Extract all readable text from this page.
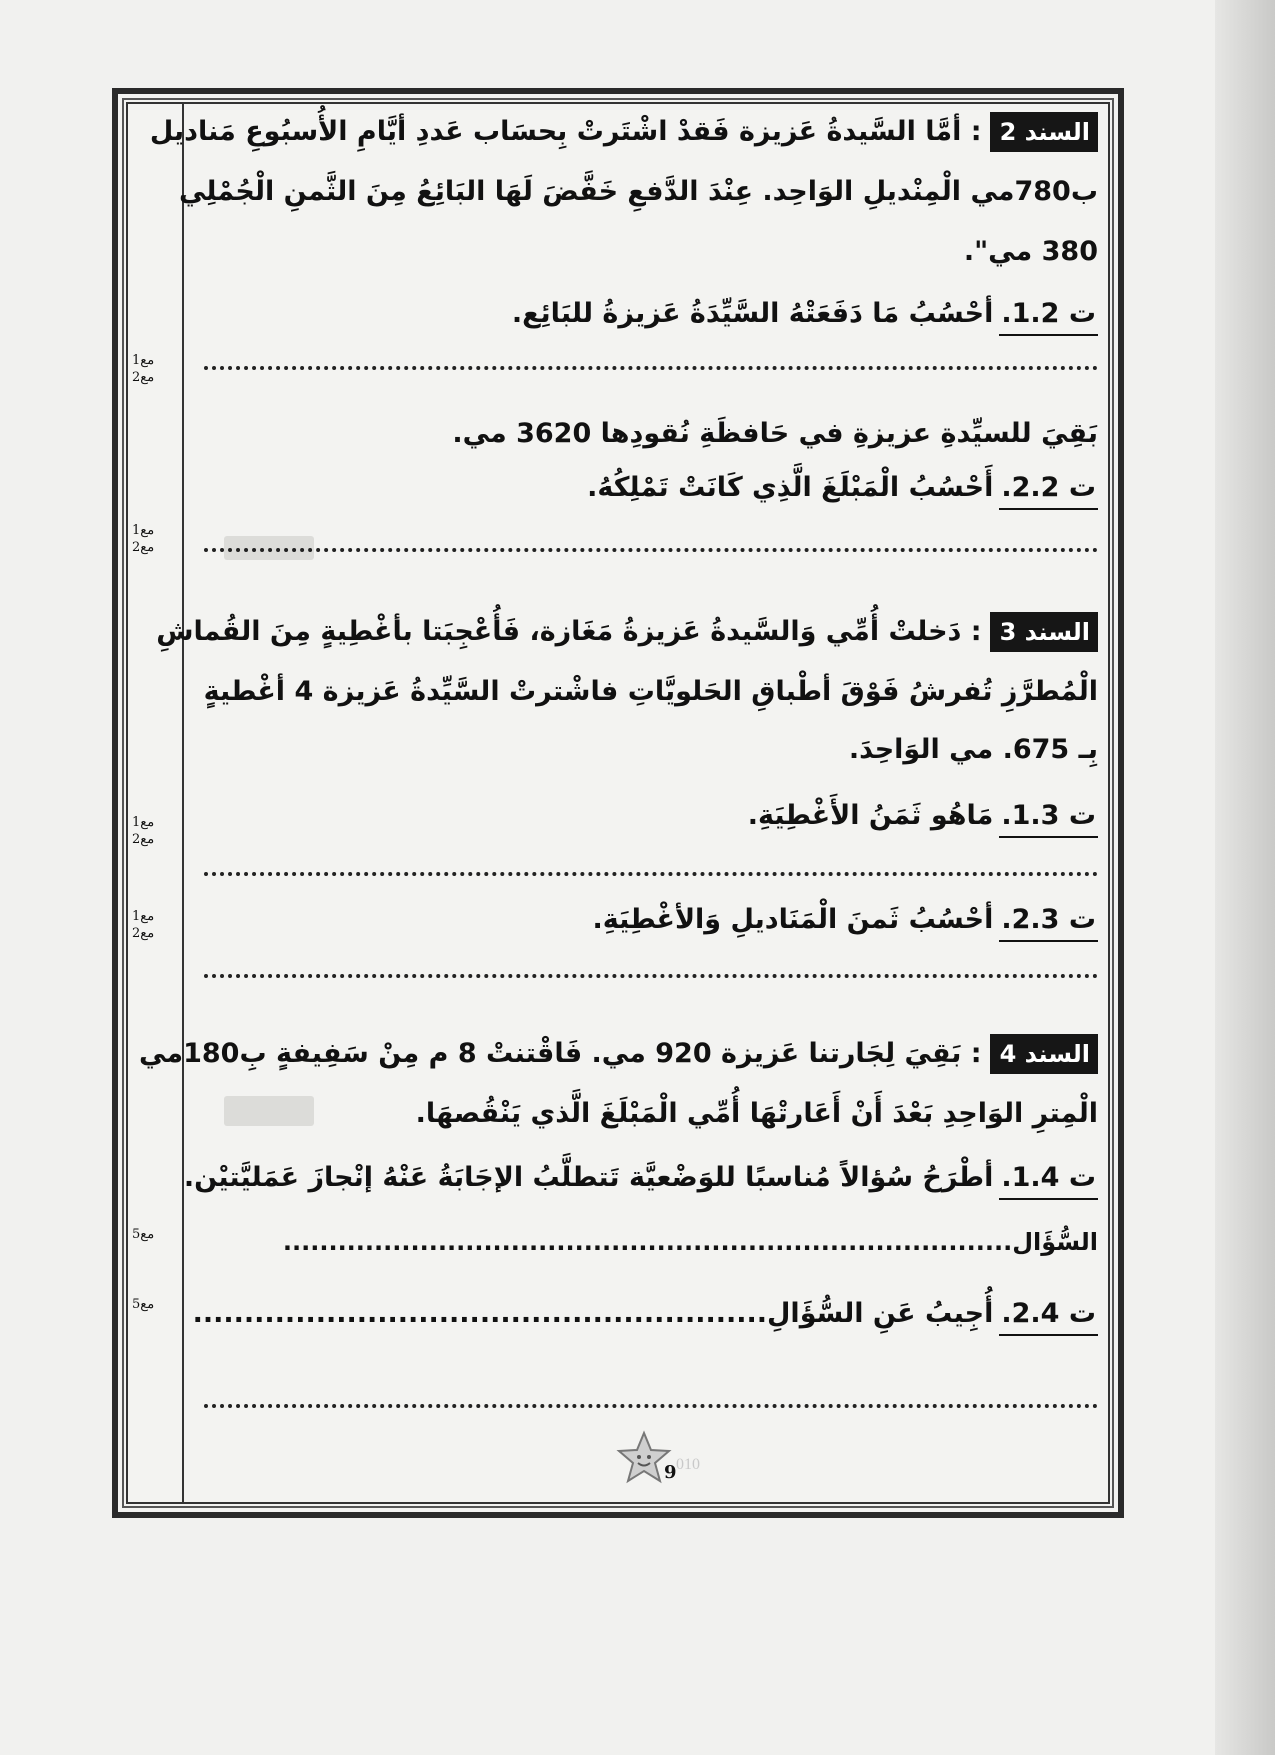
مع1
مع2
مع1
مع2
مع1
مع2
مع1
مع2
مع5
مع5
السند 2: أمَّا السَّيدةُ عَزيزة فَقدْ اشْتَرتْ بِحسَاب عَددِ أيَّامِ الأُسبُوعِ مَناديل
ب780مي الْمِنْديلِ الوَاحِد. عِنْدَ الدَّفعِ خَفَّضَ لَهَا البَائِعُ مِنَ الثَّمنِ الْجُمْلِي
380 مي".
ت 1.2.أحْسُبُ مَا دَفَعَتْهُ السَّيِّدَةُ عَزيزةُ للبَائِع.
بَقِيَ للسيِّدةِ عزيزةِ في حَافظَةِ نُقودِها 3620 مي.
ت 2.2.أَحْسُبُ الْمَبْلَغَ الَّذِي كَانَتْ تَمْلِكُهُ.
السند 3: دَخلتْ أُمِّي وَالسَّيدةُ عَزيزةُ مَغَازة، فَأُعْجِبَتا بأغْطِيةٍ مِنَ القُماشِ
الْمُطرَّزِ تُفرشُ فَوْقَ أطْباقِ الحَلويَّاتِ فاشْترتْ السَّيِّدةُ عَزيزة 4 أغْطيةٍ
بِـ 675. مي الوَاحِدَ.
ت 1.3.مَاهُو ثَمَنُ الأَغْطِيَةِ.
ت 2.3.أحْسُبُ ثَمنَ الْمَنَاديلِ وَالأغْطِيَةِ.
السند 4: بَقِيَ لِجَارتنا عَزيزة 920 مي. فَاقْتنتْ 8 م مِنْ سَفِيفةٍ بِ180مي
الْمِترِ الوَاحِدِ بَعْدَ أَنْ أَعَارتْهَا أُمِّي الْمَبْلَغَ الَّذي يَنْقُصهَا.
ت 1.4.أطْرَحُ سُؤالاً مُناسبًا للوَضْعيَّة تَتطلَّبُ الإجَابَةُ عَنْهُ إنْجازَ عَمَليَّتيْن.
السُّؤَال................................................................................
ت 2.4.أُجِيبُ عَنِ السُّؤَالِ........................................................
9 010
